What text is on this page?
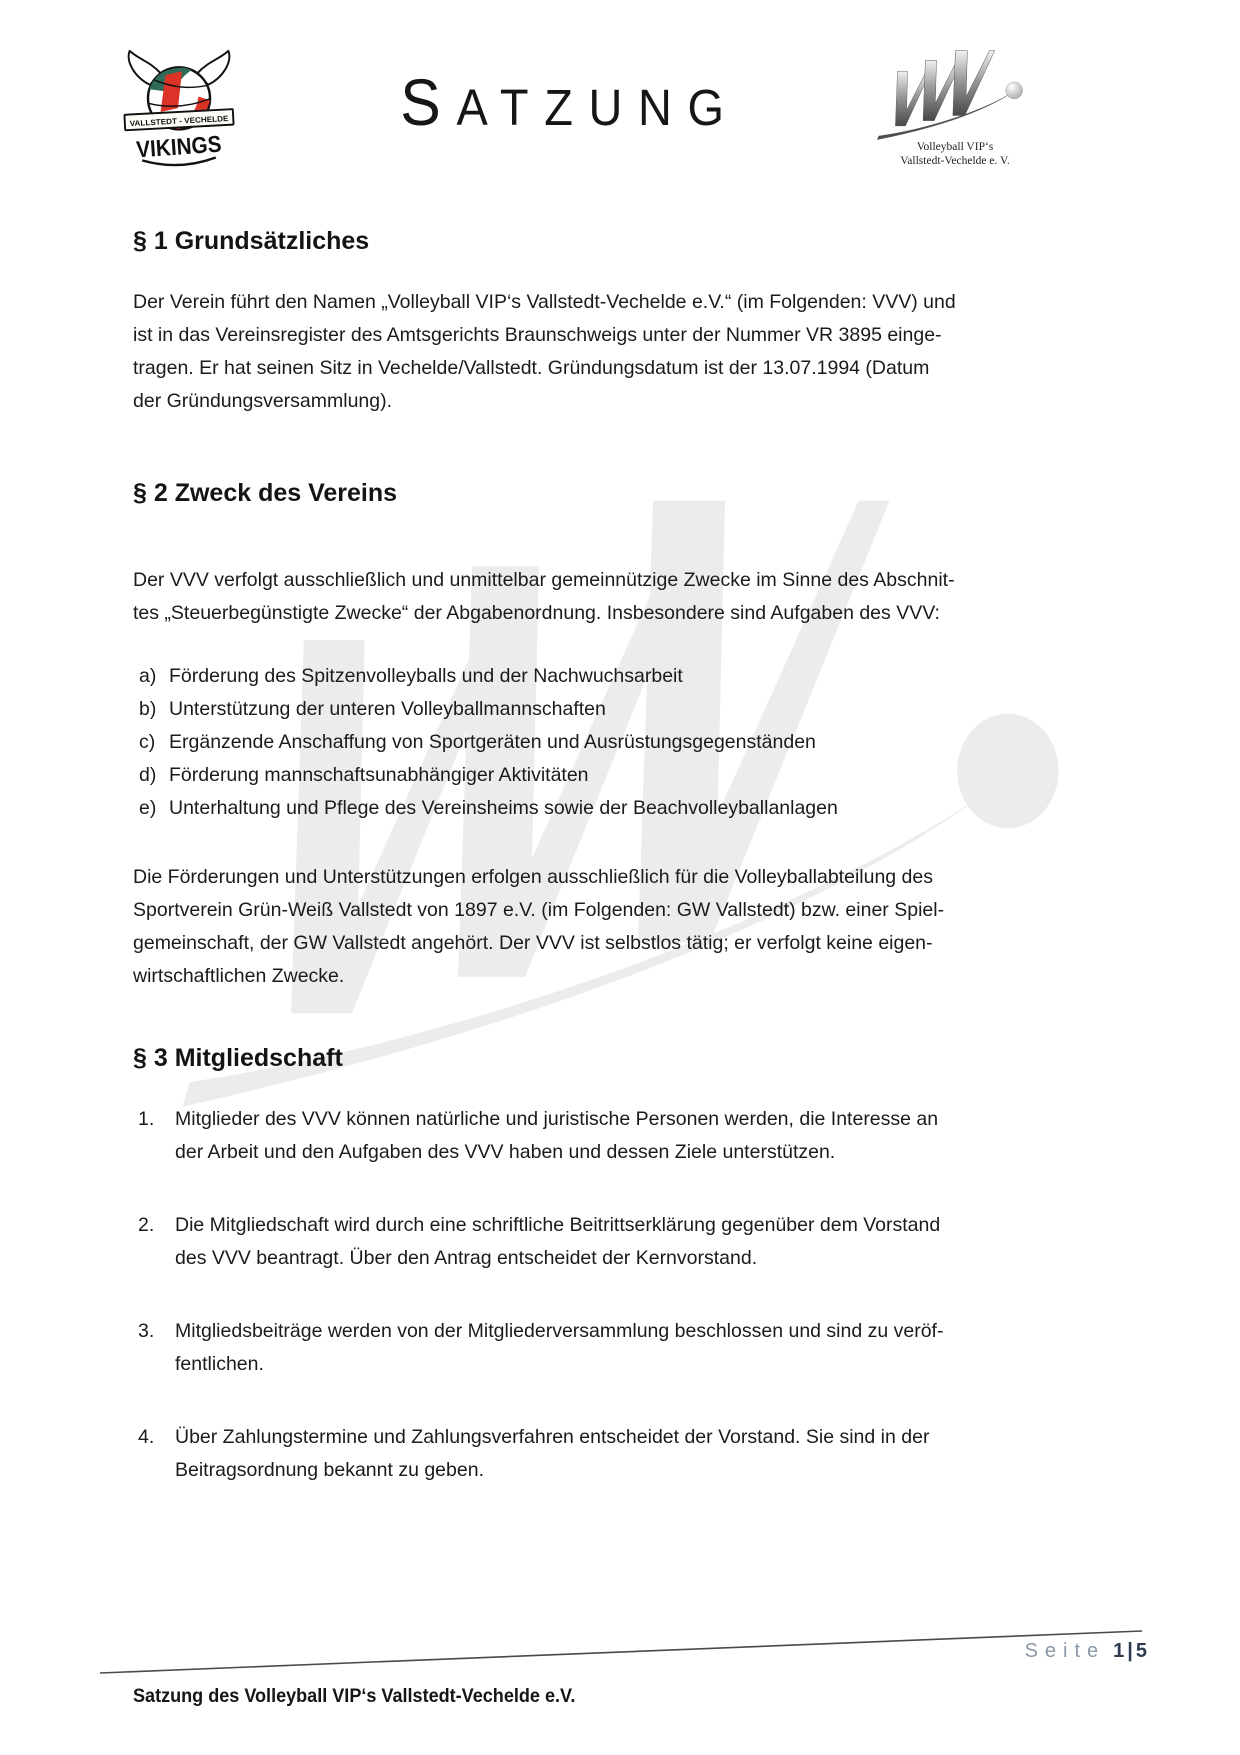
VALLSTEDT - VECHELDE
VIKINGS
SATZUNG
Volleyball VIP‘s
Vallstedt-Vechelde e. V.
§ 1 Grundsätzliches
Der Verein führt den Namen „Volleyball VIP‘s Vallstedt-Vechelde e.V.“ (im Folgenden: VVV) und
ist in das Vereinsregister des Amtsgerichts Braunschweigs unter der Nummer VR 3895 einge-
tragen. Er hat seinen Sitz in Vechelde/Vallstedt. Gründungsdatum ist der 13.07.1994 (Datum
der Gründungsversammlung).
§ 2 Zweck des Vereins
Der VVV verfolgt ausschließlich und unmittelbar gemeinnützige Zwecke im Sinne des Abschnit-
tes „Steuerbegünstigte Zwecke“ der Abgabenordnung. Insbesondere sind Aufgaben des VVV:
a) Förderung des Spitzenvolleyballs und der Nachwuchsarbeit
b) Unterstützung der unteren Volleyballmannschaften
c) Ergänzende Anschaffung von Sportgeräten und Ausrüstungsgegenständen
d) Förderung mannschaftsunabhängiger Aktivitäten
e) Unterhaltung und Pflege des Vereinsheims sowie der Beachvolleyballanlagen
Die Förderungen und Unterstützungen erfolgen ausschließlich für die Volleyballabteilung des
Sportverein Grün-Weiß Vallstedt von 1897 e.V. (im Folgenden: GW Vallstedt) bzw. einer Spiel-
gemeinschaft, der GW Vallstedt angehört. Der VVV ist selbstlos tätig; er verfolgt keine eigen-
wirtschaftlichen Zwecke.
§ 3 Mitgliedschaft
1.	Mitglieder des VVV können natürliche und juristische Personen werden, die Interesse an
der Arbeit und den Aufgaben des VVV haben und dessen Ziele unterstützen.
2.	Die Mitgliedschaft wird durch eine schriftliche Beitrittserklärung gegenüber dem Vorstand
des VVV beantragt. Über den Antrag entscheidet der Kernvorstand.
3.	Mitgliedsbeiträge werden von der Mitgliederversammlung beschlossen und sind zu veröf-
fentlichen.
4.	Über Zahlungstermine und Zahlungsverfahren entscheidet der Vorstand. Sie sind in der
Beitragsordnung bekannt zu geben.
Seite 1|5
Satzung des Volleyball VIP‘s Vallstedt-Vechelde e.V.
